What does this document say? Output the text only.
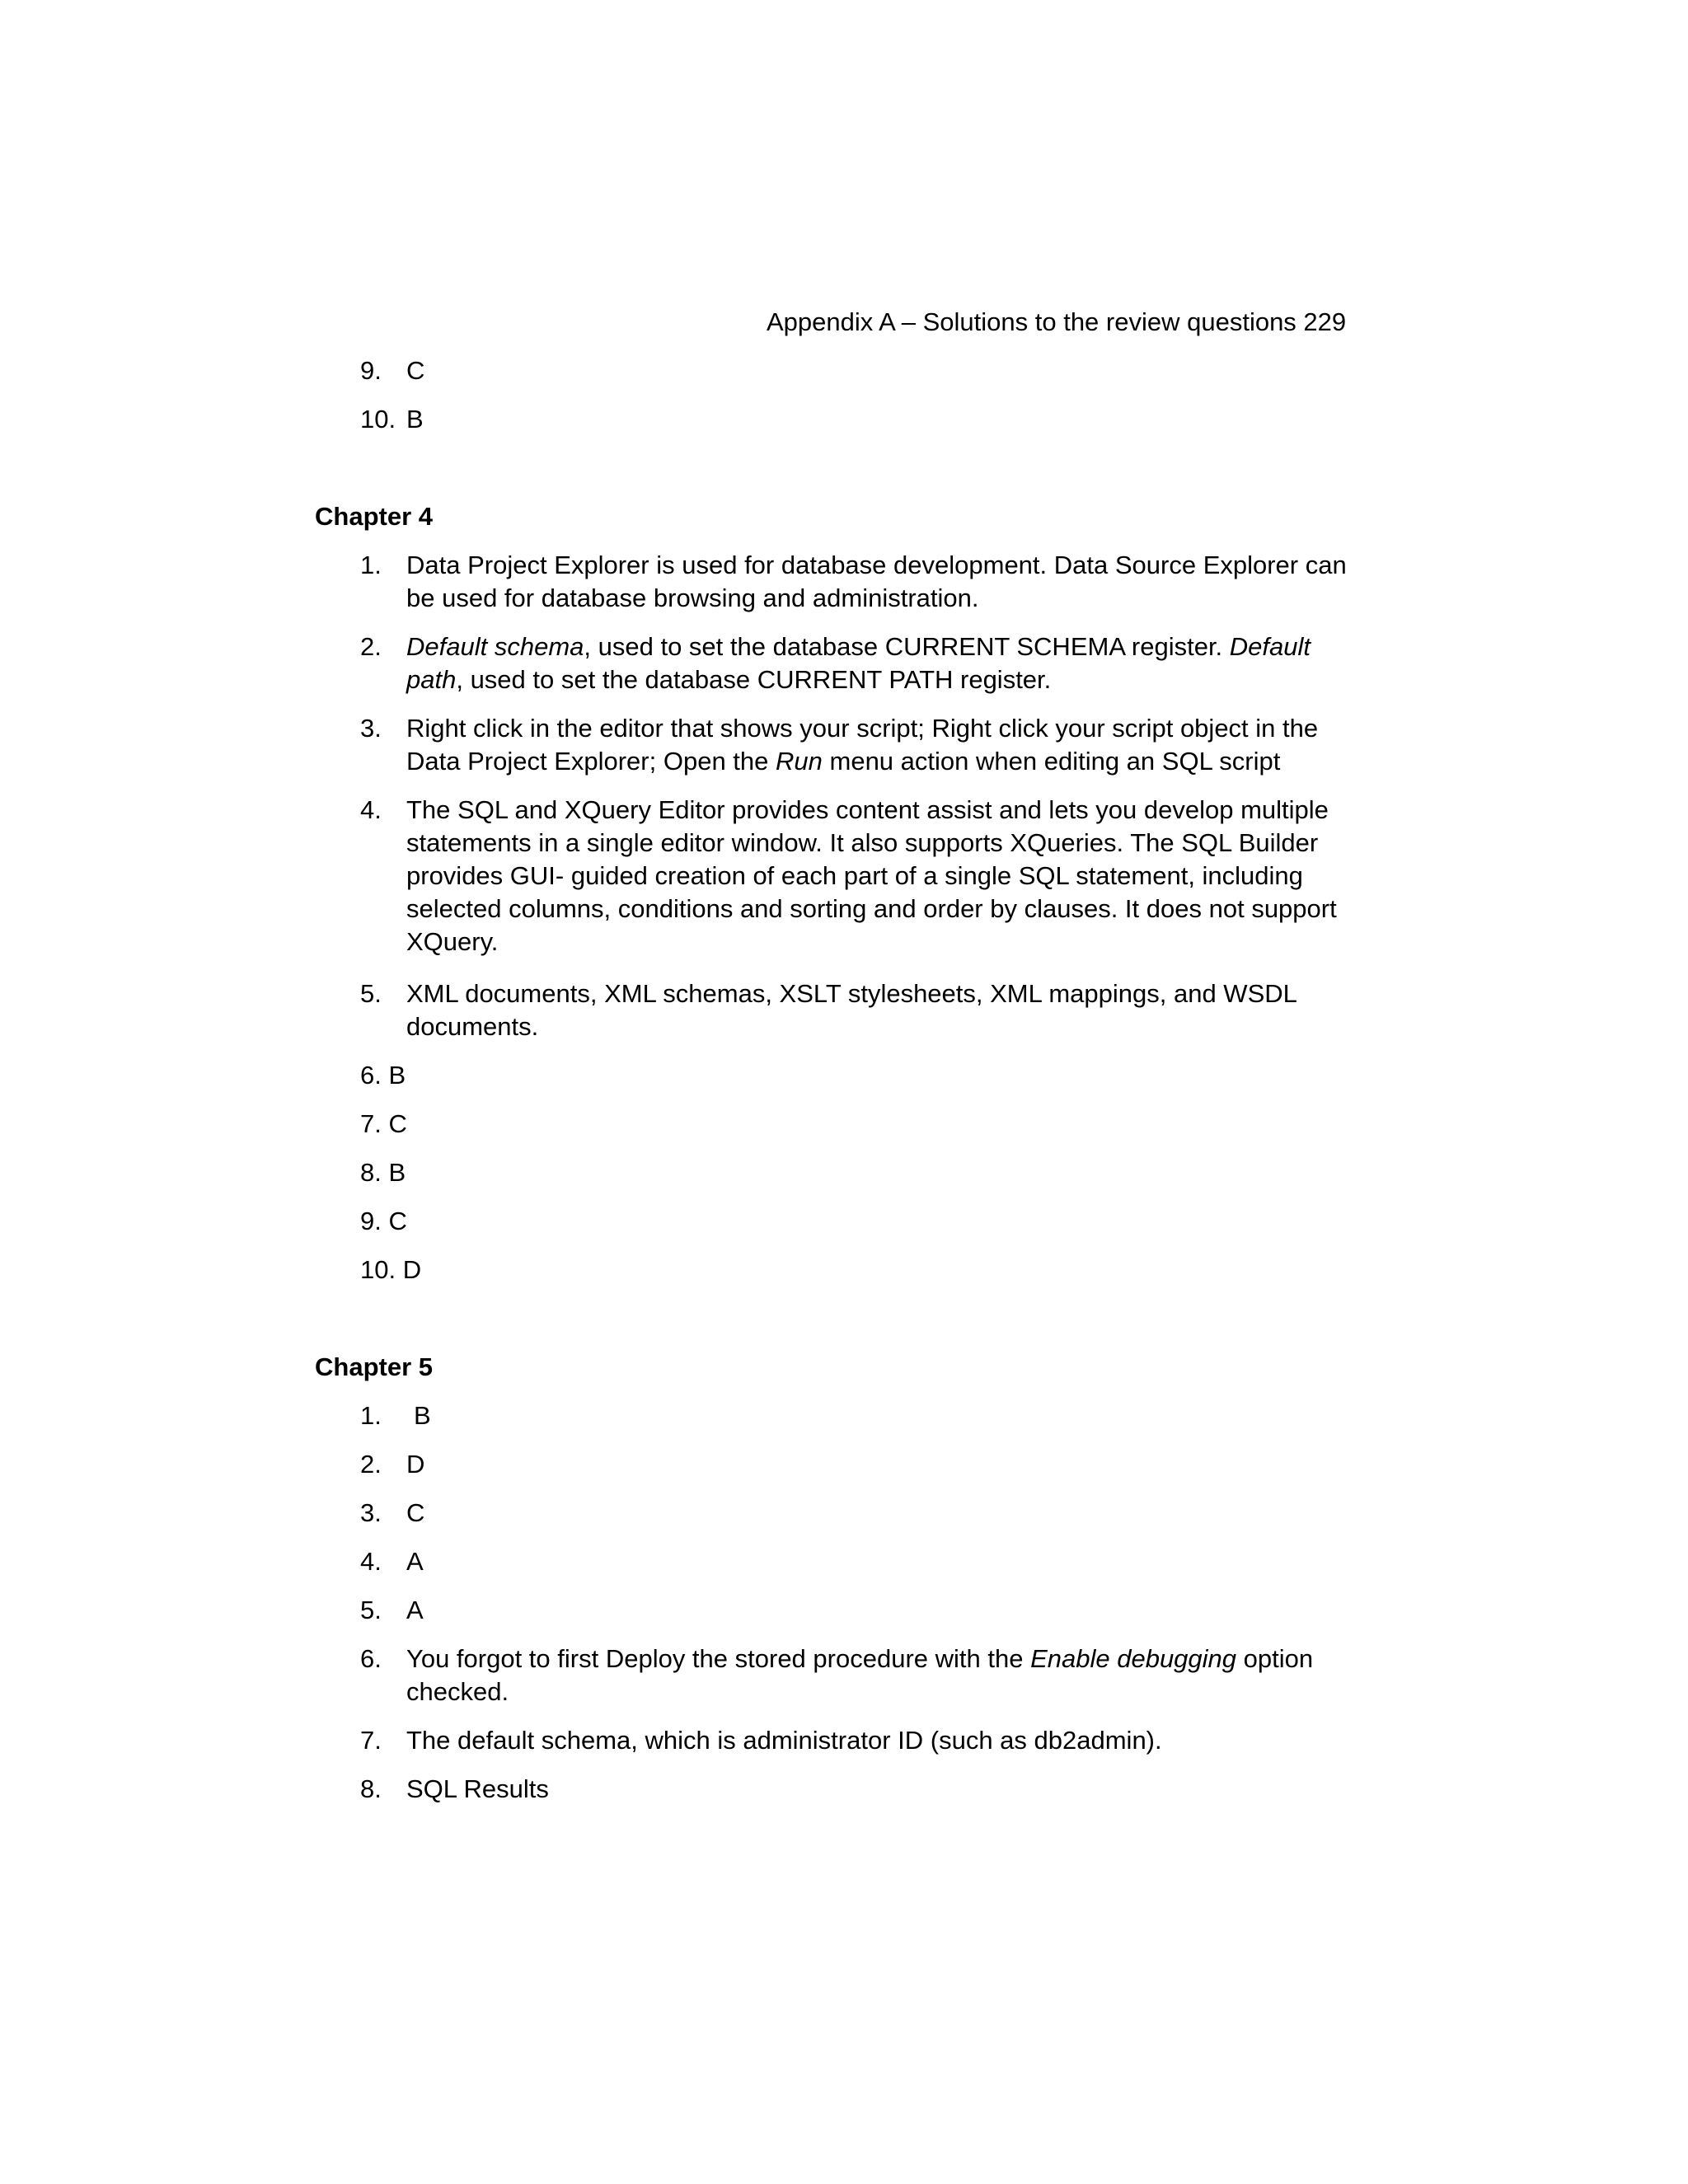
Appendix A – Solutions to the review questions 229
9. C
10. B
Chapter 4
1. Data Project Explorer is used for database development. Data Source Explorer can be used for database browsing and administration.
2. Default schema, used to set the database CURRENT SCHEMA register. Default path, used to set the database CURRENT PATH register.
3. Right click in the editor that shows your script; Right click your script object in the Data Project Explorer; Open the Run menu action when editing an SQL script
4. The SQL and XQuery Editor provides content assist and lets you develop multiple statements in a single editor window. It also supports XQueries. The SQL Builder provides GUI- guided creation of each part of a single SQL statement, including selected columns, conditions and sorting and order by clauses. It does not support XQuery.
5. XML documents, XML schemas, XSLT stylesheets, XML mappings, and WSDL documents.
6. B
7. C
8. B
9. C
10. D
Chapter 5
1. B
2. D
3. C
4. A
5. A
6. You forgot to first Deploy the stored procedure with the Enable debugging option checked.
7. The default schema, which is administrator ID (such as db2admin).
8. SQL Results
